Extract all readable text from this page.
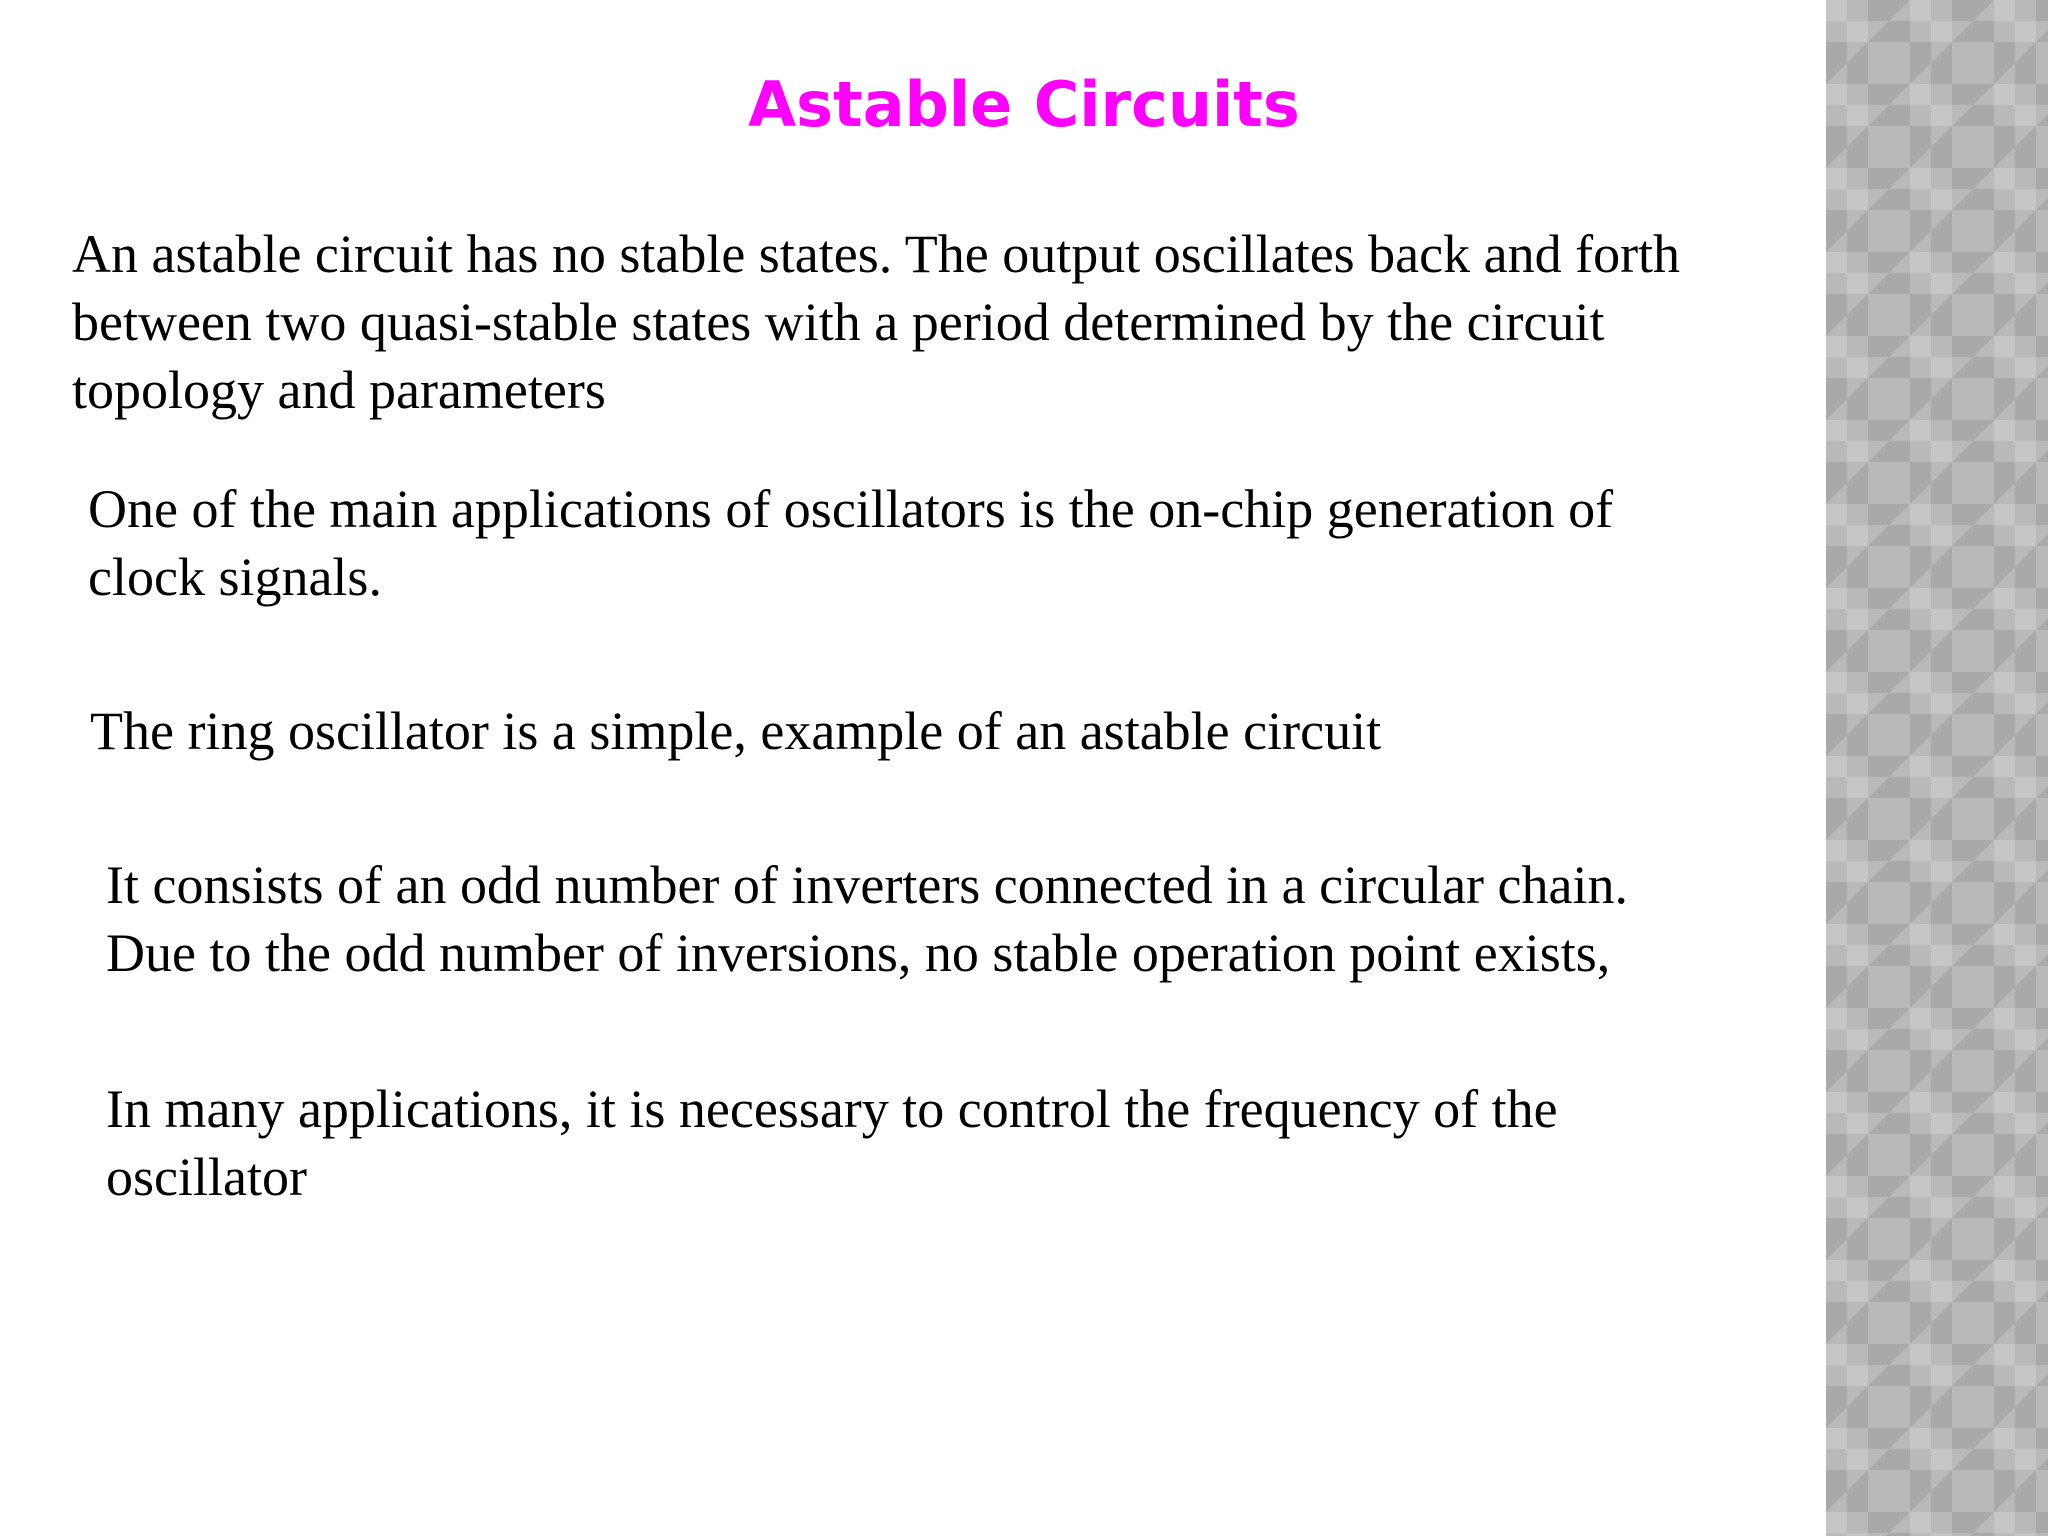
Astable Circuits

An astable circuit has no stable states. The output oscillates back and forth
between two quasi-stable states with a period determined by the circuit
topology and parameters

One of the main applications of oscillators is the on-chip generation of
clock signals.

The ring oscillator is a simple, example of an astable circuit

It consists of an odd number of inverters connected in a circular chain.
Due to the odd number of inversions, no stable operation point exists,

In many applications, it is necessary to control the frequency of the
oscillator
